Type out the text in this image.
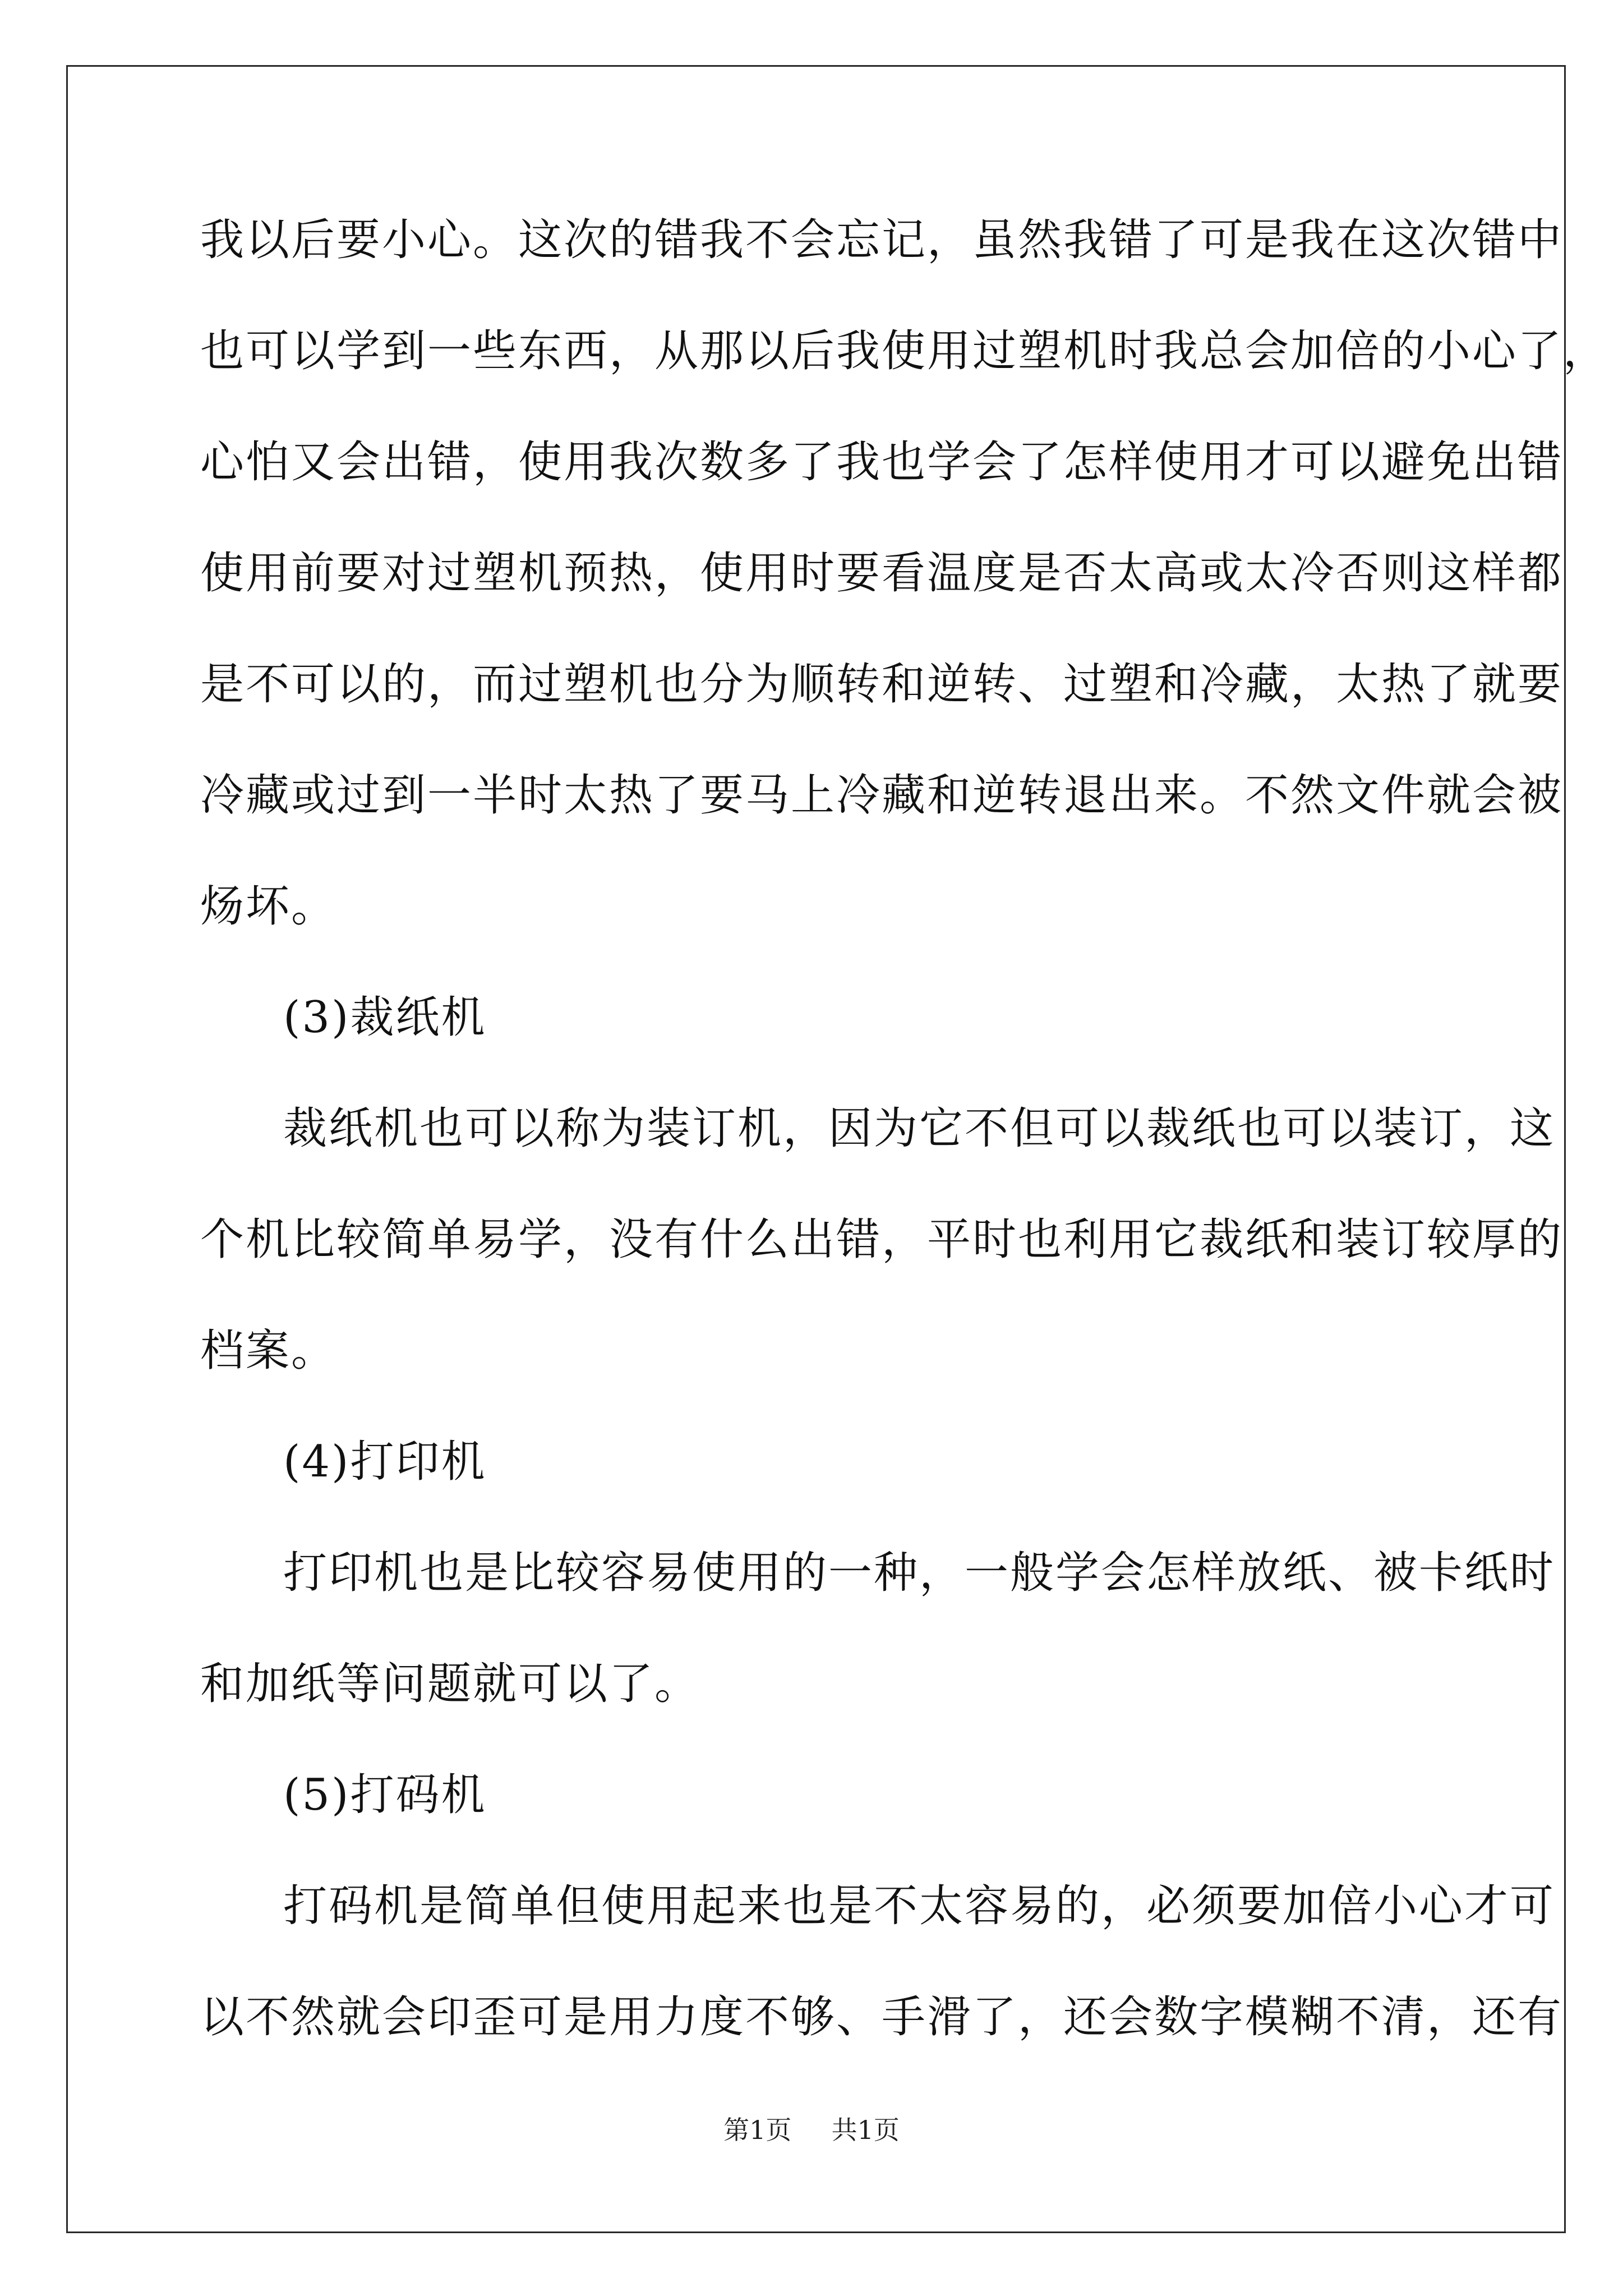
我以后要小心。这次的错我不会忘记，虽然我错了可是我在这次错中
也可以学到一些东西，从那以后我使用过塑机时我总会加倍的小心了，
心怕又会出错，使用我次数多了我也学会了怎样使用才可以避免出错
使用前要对过塑机预热，使用时要看温度是否太高或太冷否则这样都
是不可以的，而过塑机也分为顺转和逆转、过塑和冷藏，太热了就要
冷藏或过到一半时太热了要马上冷藏和逆转退出来。不然文件就会被
炀坏。
(3)裁纸机
裁纸机也可以称为装订机，因为它不但可以裁纸也可以装订，这
个机比较简单易学，没有什么出错，平时也利用它裁纸和装订较厚的
档案。
(4)打印机
打印机也是比较容易使用的一种，一般学会怎样放纸、被卡纸时
和加纸等问题就可以了。
(5)打码机
打码机是简单但使用起来也是不太容易的，必须要加倍小心才可
以不然就会印歪可是用力度不够、手滑了，还会数字模糊不清，还有
第1页 共1页
